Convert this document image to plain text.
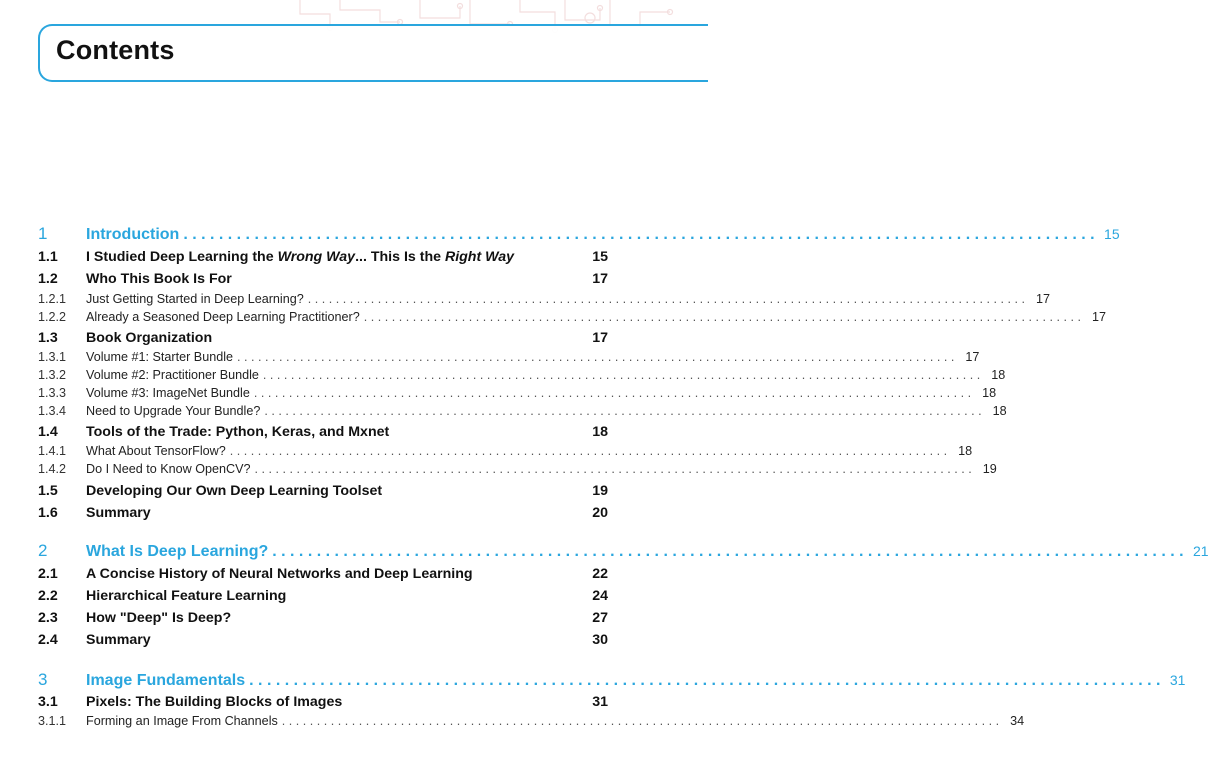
Contents
1	Introduction . . .	15
1.1	I Studied Deep Learning the Wrong Way... This Is the Right Way	15
1.2	Who This Book Is For	17
1.2.1	Just Getting Started in Deep Learning? . . .	17
1.2.2	Already a Seasoned Deep Learning Practitioner? . . .	17
1.3	Book Organization	17
1.3.1	Volume #1: Starter Bundle . . .	17
1.3.2	Volume #2: Practitioner Bundle . . .	18
1.3.3	Volume #3: ImageNet Bundle . . .	18
1.3.4	Need to Upgrade Your Bundle? . . .	18
1.4	Tools of the Trade: Python, Keras, and Mxnet	18
1.4.1	What About TensorFlow? . . .	18
1.4.2	Do I Need to Know OpenCV? . . .	19
1.5	Developing Our Own Deep Learning Toolset	19
1.6	Summary	20
2	What Is Deep Learning? . . .	21
2.1	A Concise History of Neural Networks and Deep Learning	22
2.2	Hierarchical Feature Learning	24
2.3	How "Deep" Is Deep?	27
2.4	Summary	30
3	Image Fundamentals . . .	31
3.1	Pixels: The Building Blocks of Images	31
3.1.1	Forming an Image From Channels . . .	34
